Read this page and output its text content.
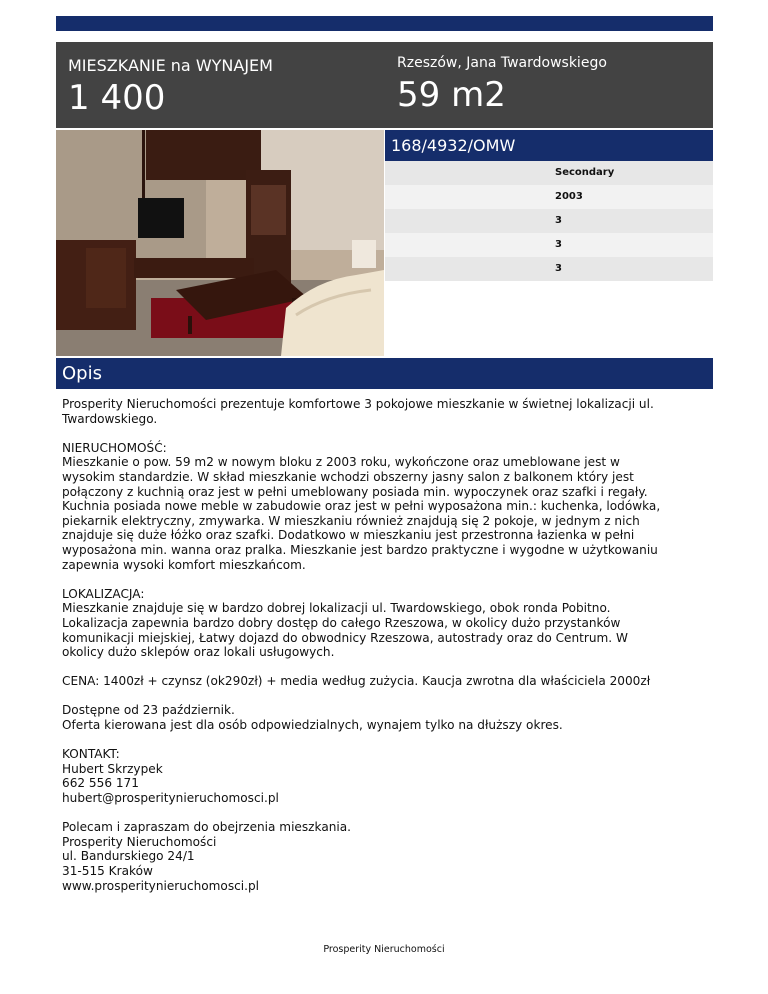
MIESZKANIE na WYNAJEM
1 400
Rzeszów, Jana Twardowskiego
59 m2
168/4932/OMW
Secondary
2003
3
3
3
Opis

Prosperity Nieruchomości prezentuje komfortowe 3 pokojowe mieszkanie w świetnej lokalizacji ul.
Twardowskiego.

NIERUCHOMOŚĆ:
Mieszkanie o pow. 59 m2 w nowym bloku z 2003 roku, wykończone oraz umeblowane jest w
wysokim standardzie. W skład mieszkanie wchodzi obszerny jasny salon z balkonem który jest
połączony z kuchnią oraz jest w pełni umeblowany posiada min. wypoczynek oraz szafki i regały.
Kuchnia posiada nowe meble w zabudowie oraz jest w pełni wyposażona min.: kuchenka, lodówka,
piekarnik elektryczny, zmywarka. W mieszkaniu również znajdują się 2 pokoje, w jednym z nich
znajduje się duże łóżko oraz szafki. Dodatkowo w mieszkaniu jest przestronna łazienka w pełni
wyposażona min. wanna oraz pralka. Mieszkanie jest bardzo praktyczne i wygodne w użytkowaniu
zapewnia wysoki komfort mieszkańcom.

LOKALIZACJA:
Mieszkanie znajduje się w bardzo dobrej lokalizacji ul. Twardowskiego, obok ronda Pobitno.
Lokalizacja zapewnia bardzo dobry dostęp do całego Rzeszowa, w okolicy dużo przystanków
komunikacji miejskiej, Łatwy dojazd do obwodnicy Rzeszowa, autostrady oraz do Centrum. W
okolicy dużo sklepów oraz lokali usługowych.

CENA: 1400zł + czynsz (ok290zł) + media według zużycia. Kaucja zwrotna dla właściciela 2000zł

Dostępne od 23 październik.
Oferta kierowana jest dla osób odpowiedzialnych, wynajem tylko na dłuższy okres.

KONTAKT:
Hubert Skrzypek
662 556 171
hubert@prosperitynieruchomosci.pl

Polecam i zapraszam do obejrzenia mieszkania.
Prosperity Nieruchomości
ul. Bandurskiego 24/1
31-515 Kraków
www.prosperitynieruchomosci.pl

Prosperity Nieruchomości
